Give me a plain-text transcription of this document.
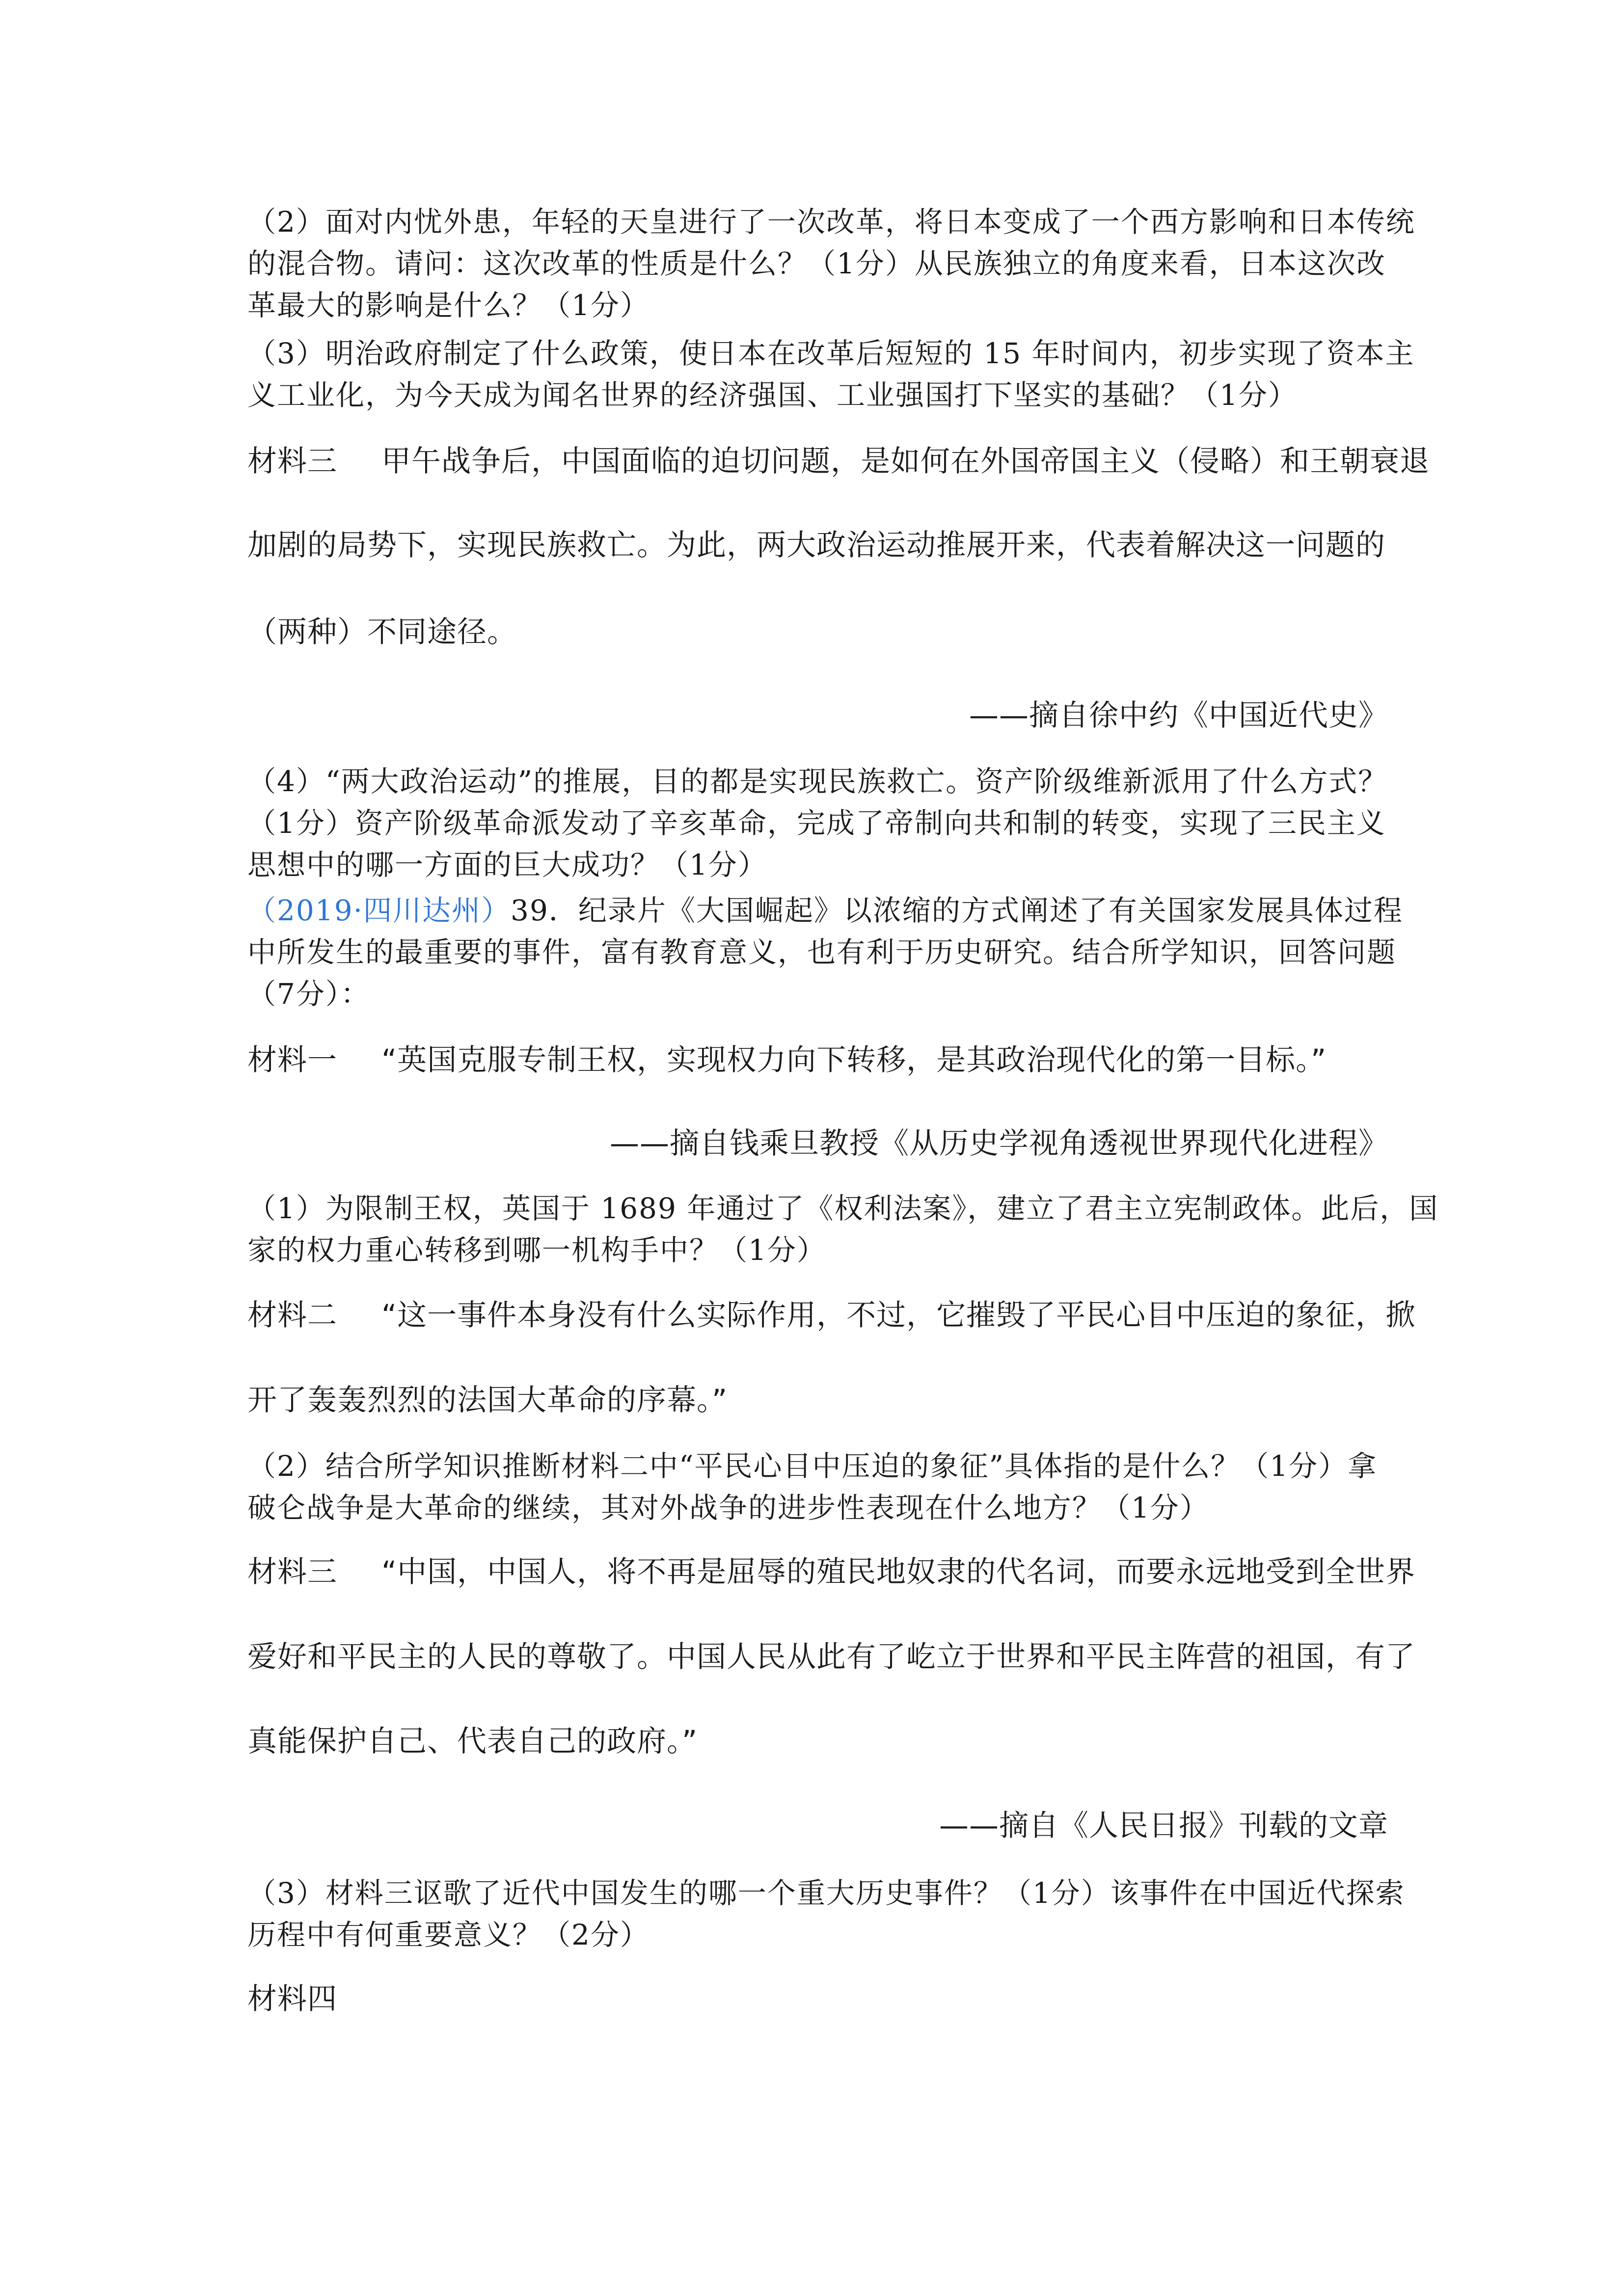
（2）面对内忧外患，年轻的天皇进行了一次改革，将日本变成了一个西方影响和日本传统

的混合物。请问：这次改革的性质是什么？（1分）从民族独立的角度来看，日本这次改

革最大的影响是什么？（1分）

（3）明治政府制定了什么政策，使日本在改革后短短的 15 年时间内，初步实现了资本主

义工业化，为今天成为闻名世界的经济强国、工业强国打下坚实的基础？（1分）

材料三 甲午战争后，中国面临的迫切问题，是如何在外国帝国主义（侵略）和王朝衰退

加剧的局势下，实现民族救亡。为此，两大政治运动推展开来，代表着解决这一问题的

（两种）不同途径。

——摘自徐中约《中国近代史》

（4）“两大政治运动”的推展，目的都是实现民族救亡。资产阶级维新派用了什么方式？

（1分）资产阶级革命派发动了辛亥革命，完成了帝制向共和制的转变，实现了三民主义

思想中的哪一方面的巨大成功？（1分）

（2019·四川达州）39．纪录片《大国崛起》以浓缩的方式阐述了有关国家发展具体过程

中所发生的最重要的事件，富有教育意义，也有利于历史研究。结合所学知识，回答问题

（7分）：

材料一 “英国克服专制王权，实现权力向下转移，是其政治现代化的第一目标。”

——摘自钱乘旦教授《从历史学视角透视世界现代化进程》

（1）为限制王权，英国于 1689 年通过了《权利法案》，建立了君主立宪制政体。此后，国

家的权力重心转移到哪一机构手中？（1分）

材料二 “这一事件本身没有什么实际作用，不过，它摧毁了平民心目中压迫的象征，掀

开了轰轰烈烈的法国大革命的序幕。”

（2）结合所学知识推断材料二中“平民心目中压迫的象征”具体指的是什么？（1分）拿

破仑战争是大革命的继续，其对外战争的进步性表现在什么地方？（1分）

材料三 “中国，中国人，将不再是屈辱的殖民地奴隶的代名词，而要永远地受到全世界

爱好和平民主的人民的尊敬了。中国人民从此有了屹立于世界和平民主阵营的祖国，有了

真能保护自己、代表自己的政府。”

——摘自《人民日报》刊载的文章

（3）材料三讴歌了近代中国发生的哪一个重大历史事件？（1分）该事件在中国近代探索

历程中有何重要意义？（2分）

材料四
